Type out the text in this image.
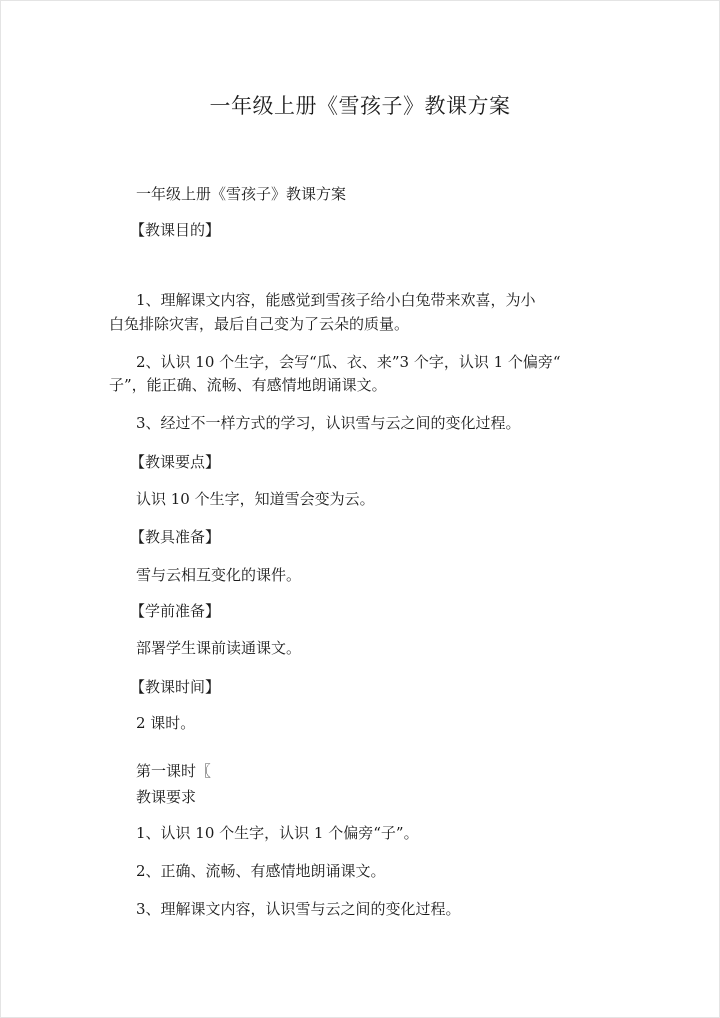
一年级上册《雪孩子》教课方案
一年级上册《雪孩子》教课方案
【教课目的】
1、理解课文内容，能感觉到雪孩子给小白兔带来欢喜，为小
白兔排除灾害，最后自己变为了云朵的质量。
2、认识 10 个生字，会写“瓜、衣、来”3 个字，认识 1 个偏旁“
子”，能正确、流畅、有感情地朗诵课文。
3、经过不一样方式的学习，认识雪与云之间的变化过程。
【教课要点】
认识 10 个生字，知道雪会变为云。
【教具准备】
雪与云相互变化的课件。
【学前准备】
部署学生课前读通课文。
【教课时间】
2 课时。
第一课时〖
教课要求
1、认识 10 个生字，认识 1 个偏旁“子”。
2、正确、流畅、有感情地朗诵课文。
3、理解课文内容，认识雪与云之间的变化过程。
